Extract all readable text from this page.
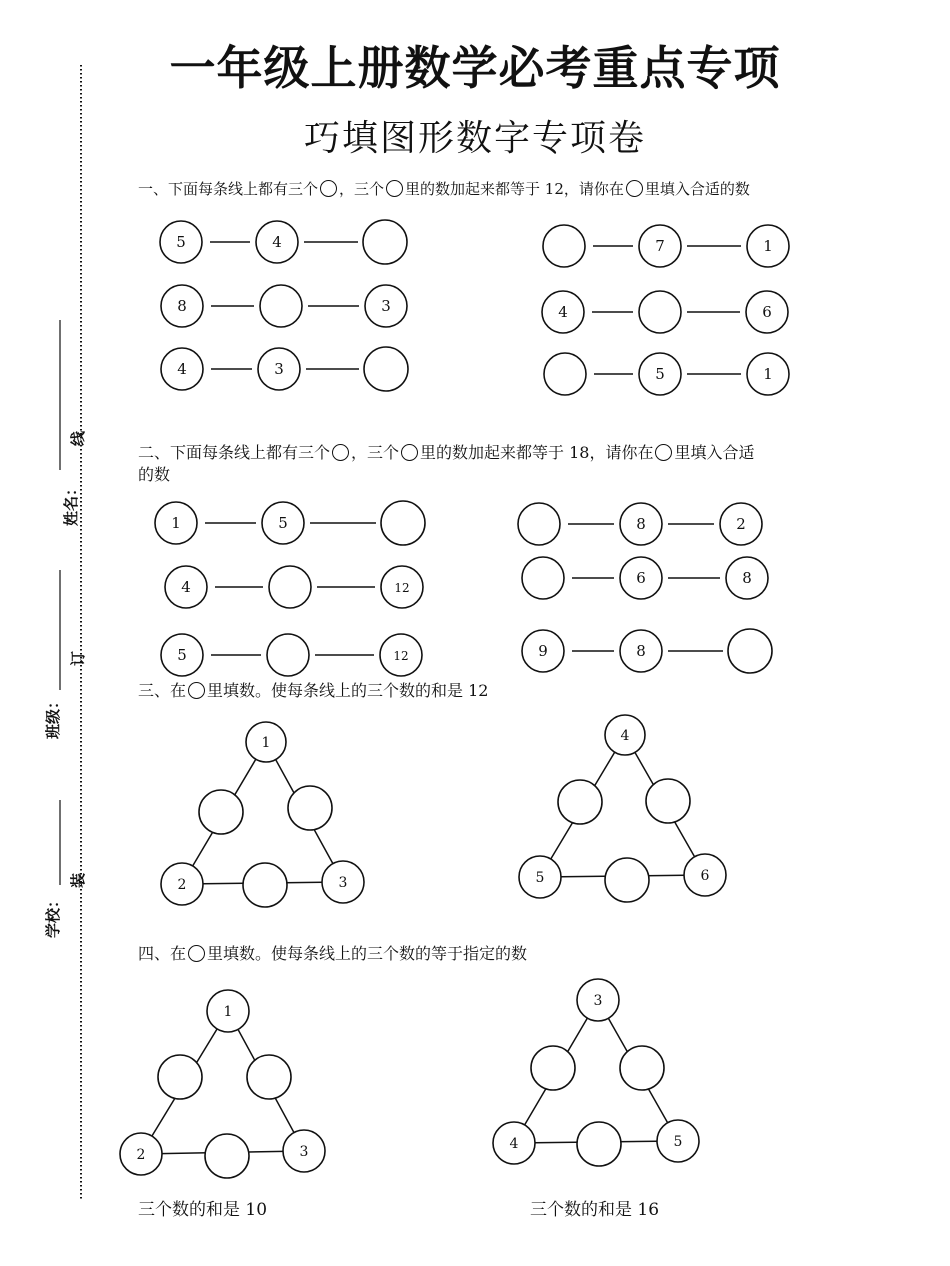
一年级上册数学必考重点专项
巧填图形数字专项卷
学校：
班级：
姓名：
装
订
线
一、下面每条线上都有三个 ，三个 里的数加起来都等于 12，请你在 里填入合适的数
二、下面每条线上都有三个 ，三个 里的数加起来都等于 18，请你在 里填入合适
的数
三、在 里填数。使每条线上的三个数的和是 12
四、在 里填数。使每条线上的三个数的等于指定的数
三个数的和是 10	三个数的和是 16
5	4
8	3
4	3
7	1
4	6
5	1
1	5
4	12
5	12
8	2
6	8
9	8
1
2	3
4
5	6
1
2	3
3
4	5
